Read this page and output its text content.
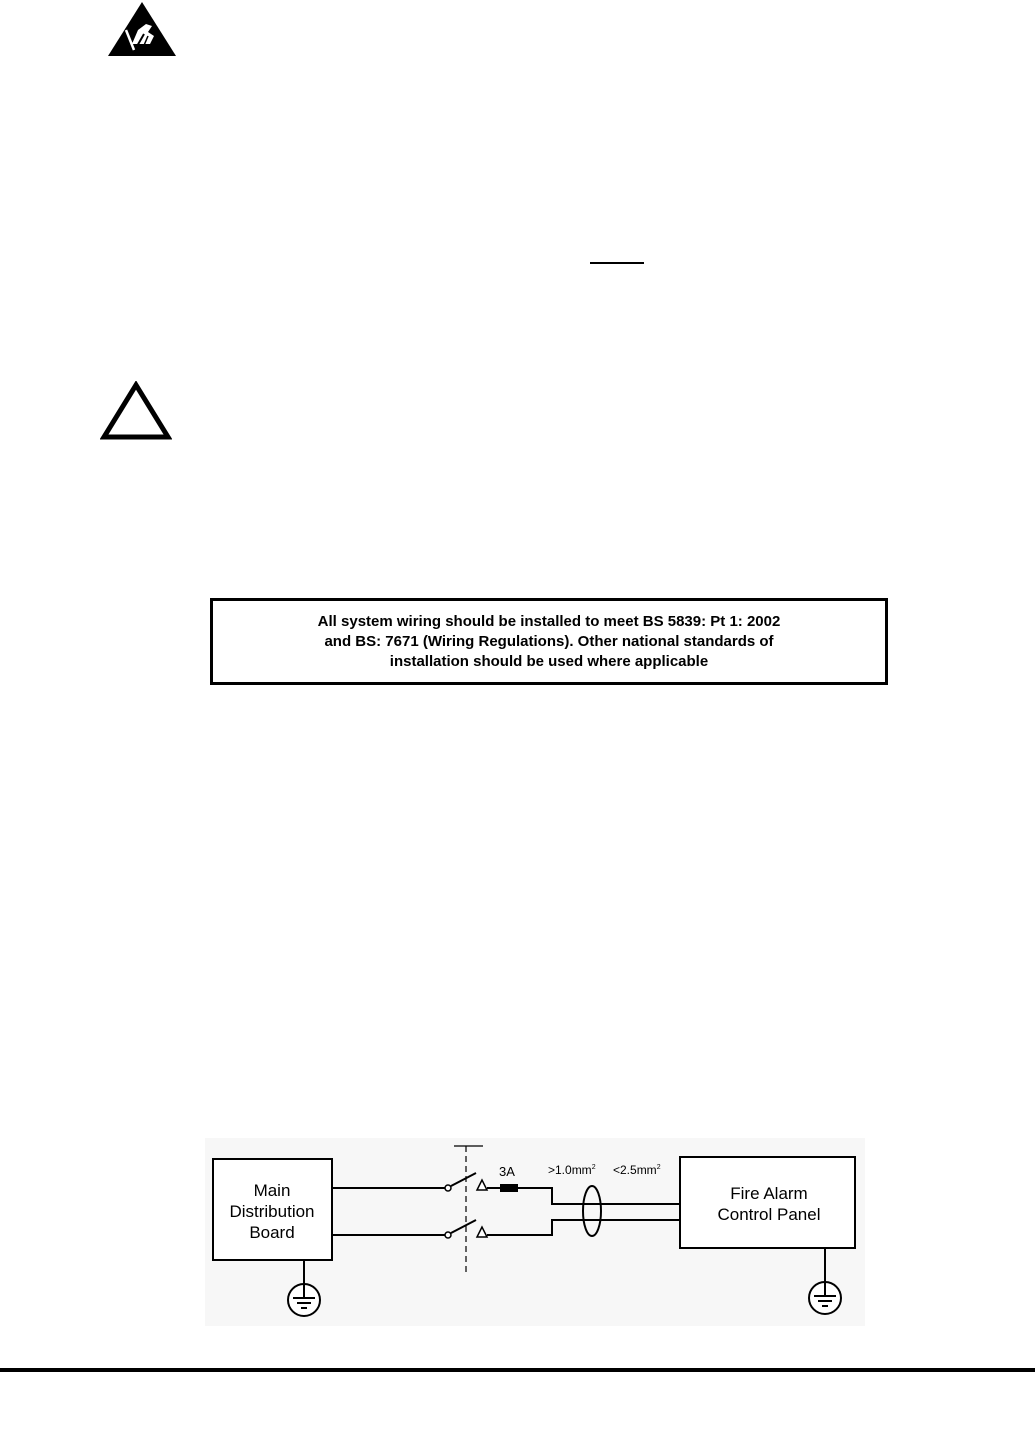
All system wiring should be installed to meet BS 5839: Pt 1: 2002
and BS: 7671 (Wiring Regulations). Other national standards of
installation should be used where applicable
Main
Distribution
Board
Fire Alarm
Control Panel
3A	$>1.0mm^2 <2.5mm^2$
